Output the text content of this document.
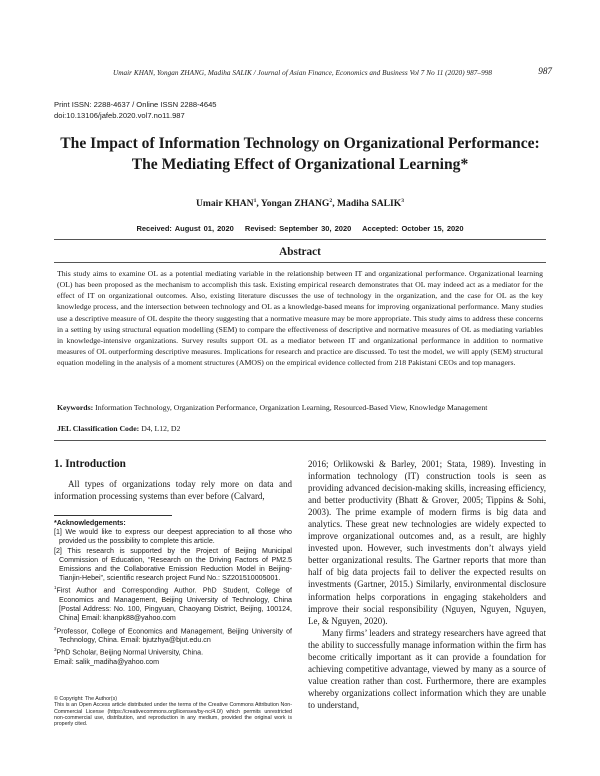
Umair KHAN, Yongan ZHANG, Madiha SALIK / Journal of Asian Finance, Economics and Business Vol 7 No 11 (2020) 987–998	987
Print ISSN: 2288-4637 / Online ISSN 2288-4645
doi:10.13106/jafeb.2020.vol7.no11.987
The Impact of Information Technology on Organizational Performance:
The Mediating Effect of Organizational Learning*
Umair KHAN$^1$, Yongan ZHANG$^2$, Madiha SALIK$^3$
Received: August 01, 2020 Revised: September 30, 2020 Accepted: October 15, 2020
Abstract
This study aims to examine OL as a potential mediating variable in the relationship between IT and organizational performance. Organizational learning (OL) has been proposed as the mechanism to accomplish this task. Existing empirical research demonstrates that OL may indeed act as a mediator for the effect of IT on organizational outcomes. Also, existing literature discusses the use of technology in the organization, and the case for OL as the key knowledge process, and the intersection between technology and OL as a knowledge-based means for improving organizational performance. Many studies use a descriptive measure of OL despite the theory suggesting that a normative measure may be more appropriate. This study aims to address these concerns in a setting by using structural equation modelling (SEM) to compare the effectiveness of descriptive and normative measures of OL as mediating variables in knowledge-intensive organizations. Survey results support OL as a mediator between IT and organizational performance in addition to normative measures of OL outperforming descriptive measures. Implications for research and practice are discussed. To test the model, we will apply (SEM) structural equation modeling in the analysis of a moment structures (AMOS) on the empirical evidence collected from 218 Pakistani CEOs and top managers.
Keywords: Information Technology, Organization Performance, Organization Learning, Resourced-Based View, Knowledge Management
JEL Classification Code: D4, L12, D2
1. Introduction
All types of organizations today rely more on data and information processing systems than ever before (Calvard,

*Acknowledgements:

[1] We would like to express our deepest appreciation to all those who provided us the possibility to complete this article.

[2] This research is supported by the Project of Beijing Municipal Commission of Education, “Research on the Driving Factors of PM2.5 Emissions and the Collaborative Emission Reduction Model in Beijing-Tianjin-Hebei”, scientific research project Fund No.: SZ201510005001.

$^1$First Author and Corresponding Author. PhD Student, College of Economics and Management, Beijing University of Technology, China [Postal Address: No. 100, Pingyuan, Chaoyang District, Beijing, 100124, China] Email: khanpk88@yahoo.com

$^2$Professor, College of Economics and Management, Beijing University of Technology, China. Email: bjutzhya@bjut.edu.cn

$^3$PhD Scholar, Beijing Normal University, China.

Email: salik_madiha@yahoo.com

© Copyright: The Author(s)

This is an Open Access article distributed under the terms of the Creative Commons Attribution Non-Commercial License (https://creativecommons.org/licenses/by-nc/4.0/) which permits unrestricted non-commercial use, distribution, and reproduction in any medium, provided the original work is properly cited.

2016; Orlikowski & Barley, 2001; Stata, 1989). Investing in information technology (IT) construction tools is seen as providing advanced decision-making skills, increasing efficiency, and better productivity (Bhatt & Grover, 2005; Tippins & Sohi, 2003). The prime example of modern firms is big data and analytics. These great new technologies are widely expected to improve organizational outcomes and, as a result, are highly invested upon. However, such investments don’t always yield better organizational results. The Gartner reports that more than half of big data projects fail to deliver the expected results on investments (Gartner, 2015.) Similarly, environmental disclosure information helps corporations in engaging stakeholders and improve their social responsibility (Nguyen, Nguyen, Nguyen, Le, & Nguyen, 2020).

Many firms’ leaders and strategy researchers have agreed that the ability to successfully manage information within the firm has become critically important as it can provide a foundation for achieving competitive advantage, viewed by many as a source of value creation rather than cost. Furthermore, there are examples whereby organizations collect information which they are unable to understand,
